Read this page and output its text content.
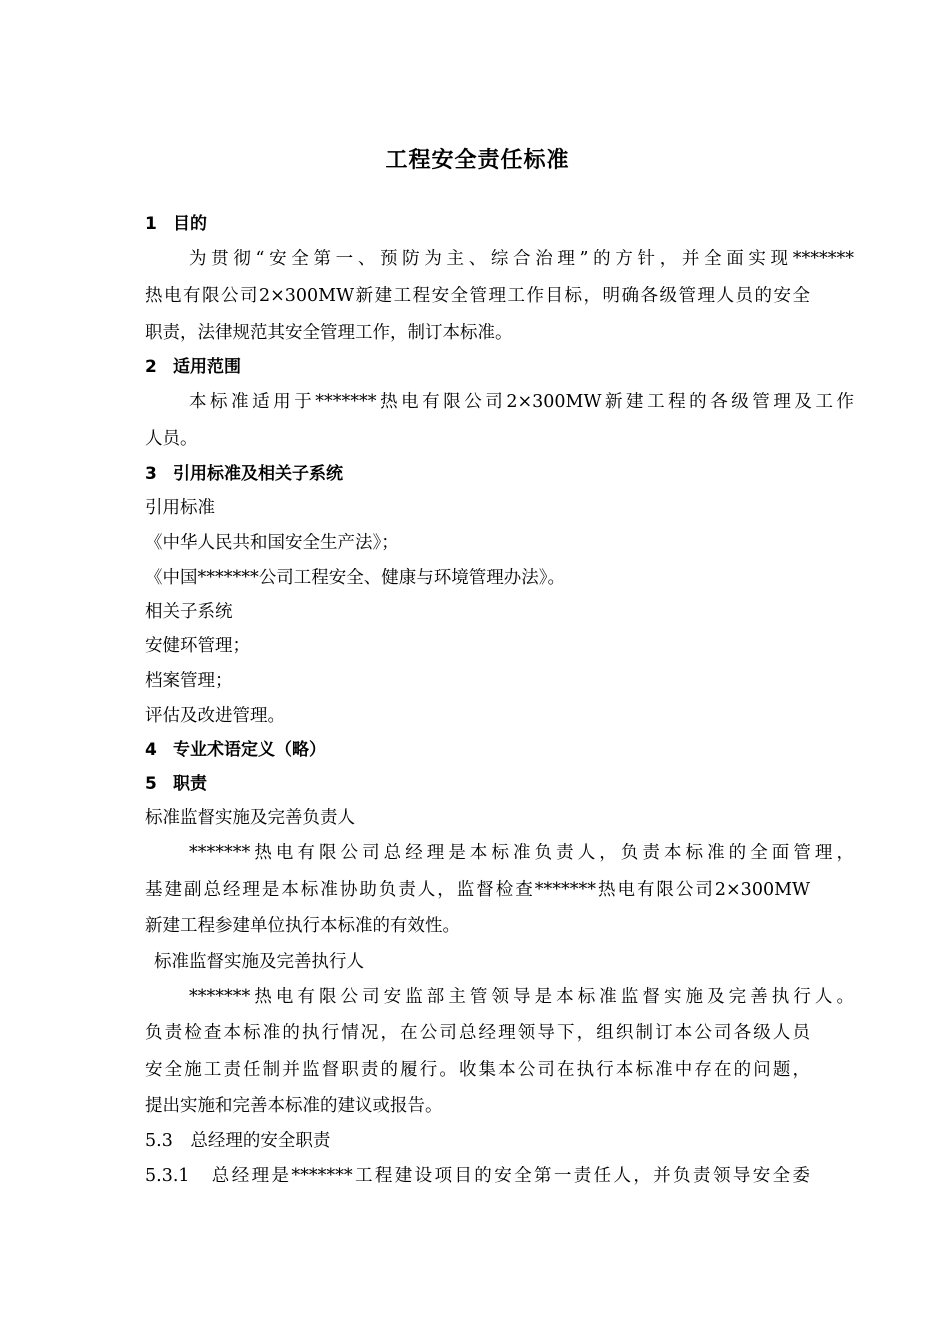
工程安全责任标准
1 目的
为贯彻“安全第一、预防为主、综合治理”的方针，并全面实现*******
热电有限公司2×300MW新建工程安全管理工作目标，明确各级管理人员的安全
职责，法律规范其安全管理工作，制订本标准。
2 适用范围
本标准适用于*******热电有限公司2×300MW新建工程的各级管理及工作
人员。
3 引用标准及相关子系统
引用标准
《中华人民共和国安全生产法》；
《中国*******公司工程安全、健康与环境管理办法》。
相关子系统
安健环管理；
档案管理；
评估及改进管理。
4 专业术语定义（略）
5 职责
标准监督实施及完善负责人
*******热电有限公司总经理是本标准负责人，负责本标准的全面管理，
基建副总经理是本标准协助负责人，监督检查*******热电有限公司2×300MW
新建工程参建单位执行本标准的有效性。
标准监督实施及完善执行人
*******热电有限公司安监部主管领导是本标准监督实施及完善执行人。
负责检查本标准的执行情况，在公司总经理领导下，组织制订本公司各级人员
安全施工责任制并监督职责的履行。收集本公司在执行本标准中存在的问题，
提出实施和完善本标准的建议或报告。
5.3　总经理的安全职责
5.3.1　总经理是*******工程建设项目的安全第一责任人，并负责领导安全委
